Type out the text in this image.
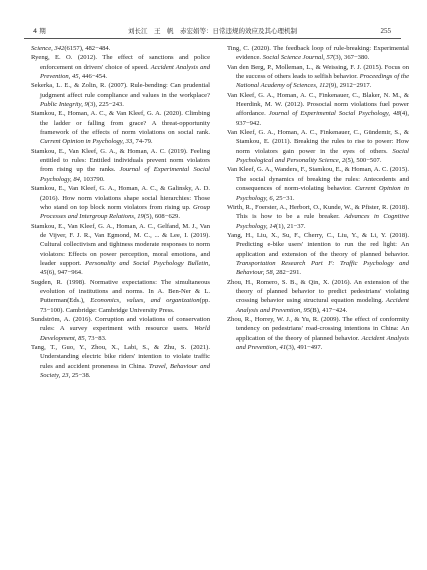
4 期	刘长江　王　帆　赤宏娟等：日常违规的效应及其心理机制	255

Science, 342(6157), 482−484.

Ryeng, E. O. (2012). The effect of sanctions and police enforcement on drivers' choice of speed. Accident Analysis and Prevention, 45, 446−454.

Sekerka, L. E., & Zolin, R. (2007). Rule-bending: Can prudential judgment affect rule compliance and values in the workplace? Public Integrity, 9(3), 225−243.

Stamkou, E., Homan, A. C., & Van Kleef, G. A. (2020). Climbing the ladder or falling from grace? A threat-opportunity framework of the effects of norm violations on social rank. Current Opinion in Psychology, 33, 74-79.

Stamkou, E., Van Kleef, G. A., & Homan, A. C. (2019). Feeling entitled to rules: Entitled individuals prevent norm violators from rising up the ranks. Journal of Experimental Social Psychology, 84, 103790.

Stamkou, E., Van Kleef, G. A., Homan, A. C., & Galinsky, A. D. (2016). How norm violations shape social hierarchies: Those who stand on top block norm violators from rising up. Group Processes and Intergroup Relations, 19(5), 608−629.

Stamkou, E., Van Kleef, G. A., Homan, A. C., Gelfand, M. J., Van de Vijver, F. J. R., Van Egmond, M. C., ... & Lee, I. (2019). Cultural collectivism and tightness moderate responses to norm violators: Effects on power perception, moral emotions, and leader support. Personality and Social Psychology Bulletin, 45(6), 947−964.

Sugden, R. (1998). Normative expectations: The simultaneous evolution of institutions and norms. In A. Ben-Ner & L. Putterman(Eds.), Economics, values, and organization(pp. 73−100). Cambridge: Cambridge University Press.

Sundström, A. (2016). Corruption and violations of conservation rules: A survey experiment with resource users. World Development, 85, 73−83.

Tang, T., Guo, Y., Zhou, X., Labi, S., & Zhu, S. (2021). Understanding electric bike riders' intention to violate traffic rules and accident proneness in China. Travel, Behaviour and Society, 23, 25−38.

Ting, C. (2020). The feedback loop of rule-breaking: Experimental evidence. Social Science Journal, 57(3), 367−380.

Van den Berg, P., Molleman, L., & Weissing, F. J. (2015). Focus on the success of others leads to selfish behavior. Proceedings of the National Academy of Sciences, 112(9), 2912−2917.

Van Kleef, G. A., Homan, A. C., Finkenauer, C., Blaker, N. M., & Heerdink, M. W. (2012). Prosocial norm violations fuel power affordance. Journal of Experimental Social Psychology, 48(4), 937−942.

Van Kleef, G. A., Homan, A. C., Finkenauer, C., Gündemir, S., & Stamkou, E. (2011). Breaking the rules to rise to power: How norm violators gain power in the eyes of others. Social Psychological and Personality Science, 2(5), 500−507.

Van Kleef, G. A., Wanders, F., Stamkou, E., & Homan, A. C. (2015). The social dynamics of breaking the rules: Antecedents and consequences of norm-violating behavior. Current Opinion in Psychology, 6, 25−31.

Wirth, R., Foerster, A., Herbort, O., Kunde, W., & Pfister, R. (2018). This is how to be a rule breaker. Advances in Cognitive Psychology, 14(1), 21−37.

Yang, H., Liu, X., Su, F., Cherry, C., Liu, Y., & Li, Y. (2018). Predicting e-bike users' intention to run the red light: An application and extension of the theory of planned behavior. Transportation Research Part F: Traffic Psychology and Behaviour, 58, 282−291.

Zhou, H., Romero, S. B., & Qin, X. (2016). An extension of the theory of planned behavior to predict pedestrians' violating crossing behavior using structural equation modeling. Accident Analysis and Prevention, 95(B), 417−424.

Zhou, R., Horrey, W. J., & Yu, R. (2009). The effect of conformity tendency on pedestrians' road-crossing intentions in China: An application of the theory of planned behavior. Accident Analysis and Prevention, 41(3), 491−497.
